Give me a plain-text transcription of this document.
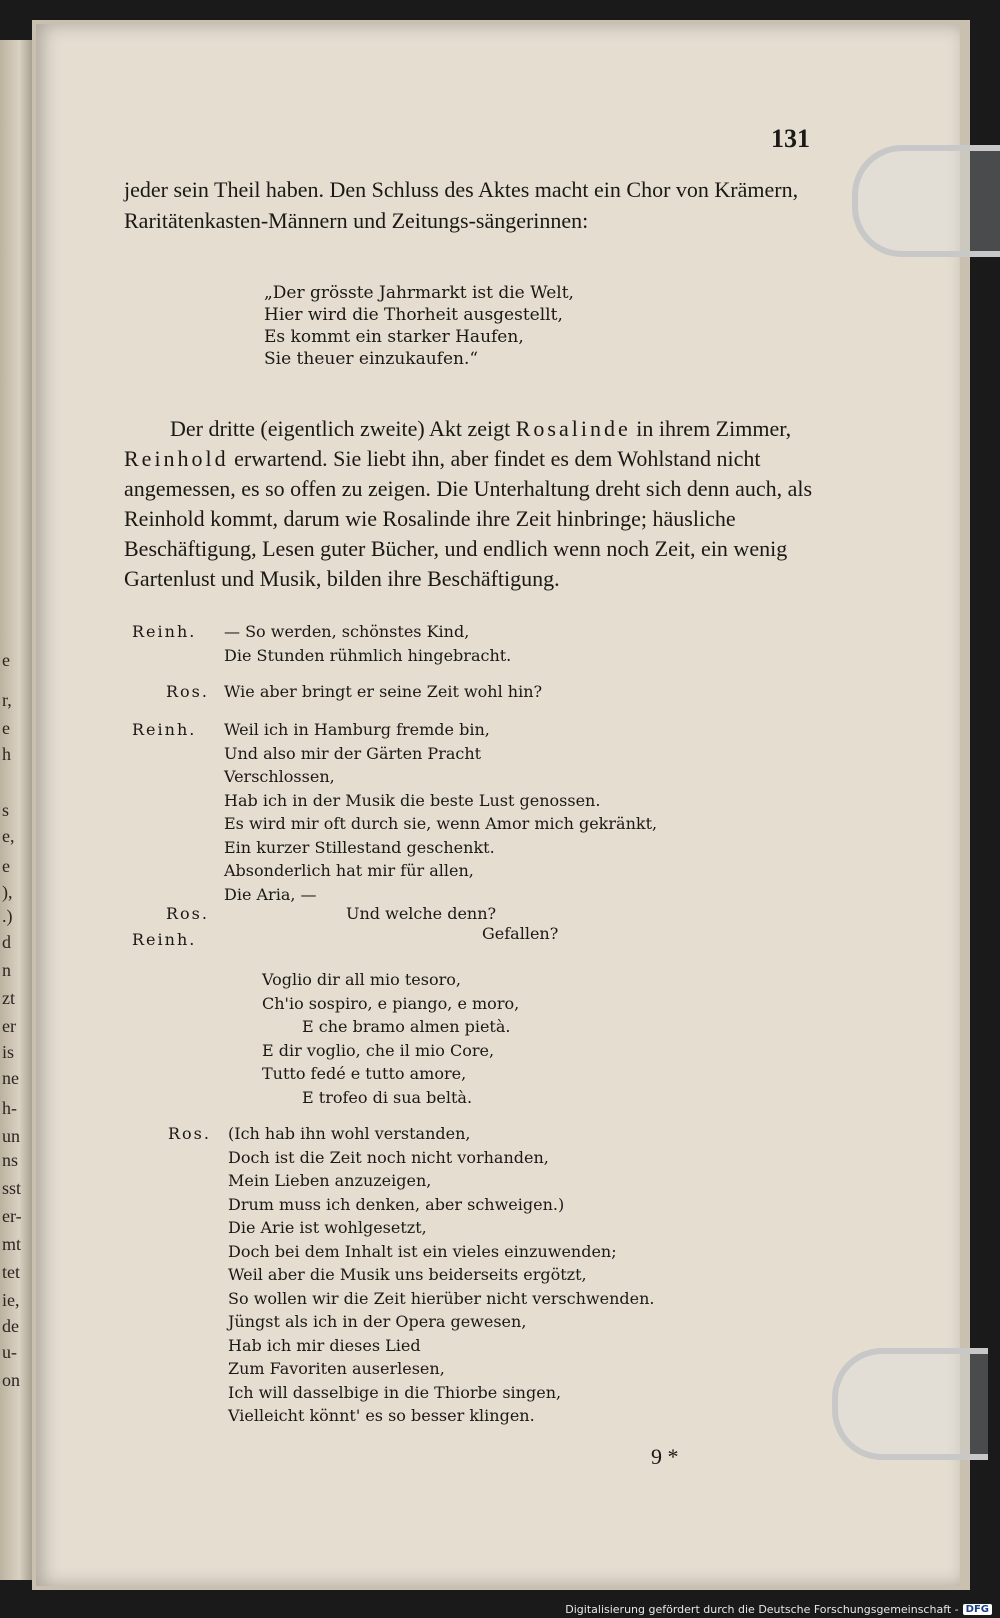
e
r,
e
h
s
e,
e
),
.)
d
n
zt
er
is
ne
h-
un
ns
sst
er-
mt
tet
ie,
de
u-
on
131
jeder sein Theil haben. Den Schluss des Aktes macht ein Chor von Krämern, Raritätenkasten-Männern und Zeitungs-sängerinnen:
„Der grösste Jahrmarkt ist die Welt,
Hier wird die Thorheit ausgestellt,
Es kommt ein starker Haufen,
Sie theuer einzukaufen.“
Der dritte (eigentlich zweite) Akt zeigt Rosalinde in ihrem Zimmer, Reinhold erwartend. Sie liebt ihn, aber findet es dem Wohlstand nicht angemessen, es so offen zu zeigen. Die Unterhaltung dreht sich denn auch, als Reinhold kommt, darum wie Rosalinde ihre Zeit hinbringe; häusliche Beschäftigung, Lesen guter Bücher, und endlich wenn noch Zeit, ein wenig Gartenlust und Musik, bilden ihre Beschäftigung.
Reinh. — So werden, schönstes Kind,
Die Stunden rühmlich hingebracht.
Ros. Wie aber bringt er seine Zeit wohl hin?
Reinh. Weil ich in Hamburg fremde bin,
Und also mir der Gärten Pracht
Verschlossen,
Hab ich in der Musik die beste Lust genossen.
Es wird mir oft durch sie, wenn Amor mich gekränkt,
Ein kurzer Stillestand geschenkt.
Absonderlich hat mir für allen,
Die Aria, —
Ros.	Und welche denn?
Reinh.	Gefallen?
Voglio dir all mio tesoro,
Ch'io sospiro, e piango, e moro,
E che bramo almen pietà.
E dir voglio, che il mio Core,
Tutto fedé e tutto amore,
E trofeo di sua beltà.
Ros. (Ich hab ihn wohl verstanden,
Doch ist die Zeit noch nicht vorhanden,
Mein Lieben anzuzeigen,
Drum muss ich denken, aber schweigen.)
Die Arie ist wohlgesetzt,
Doch bei dem Inhalt ist ein vieles einzuwenden;
Weil aber die Musik uns beiderseits ergötzt,
So wollen wir die Zeit hierüber nicht verschwenden.
Jüngst als ich in der Opera gewesen,
Hab ich mir dieses Lied
Zum Favoriten auserlesen,
Ich will dasselbige in die Thiorbe singen,
Vielleicht könnt' es so besser klingen.
9 *
Digitalisierung gefördert durch die Deutsche Forschungsgemeinschaft - DFG
